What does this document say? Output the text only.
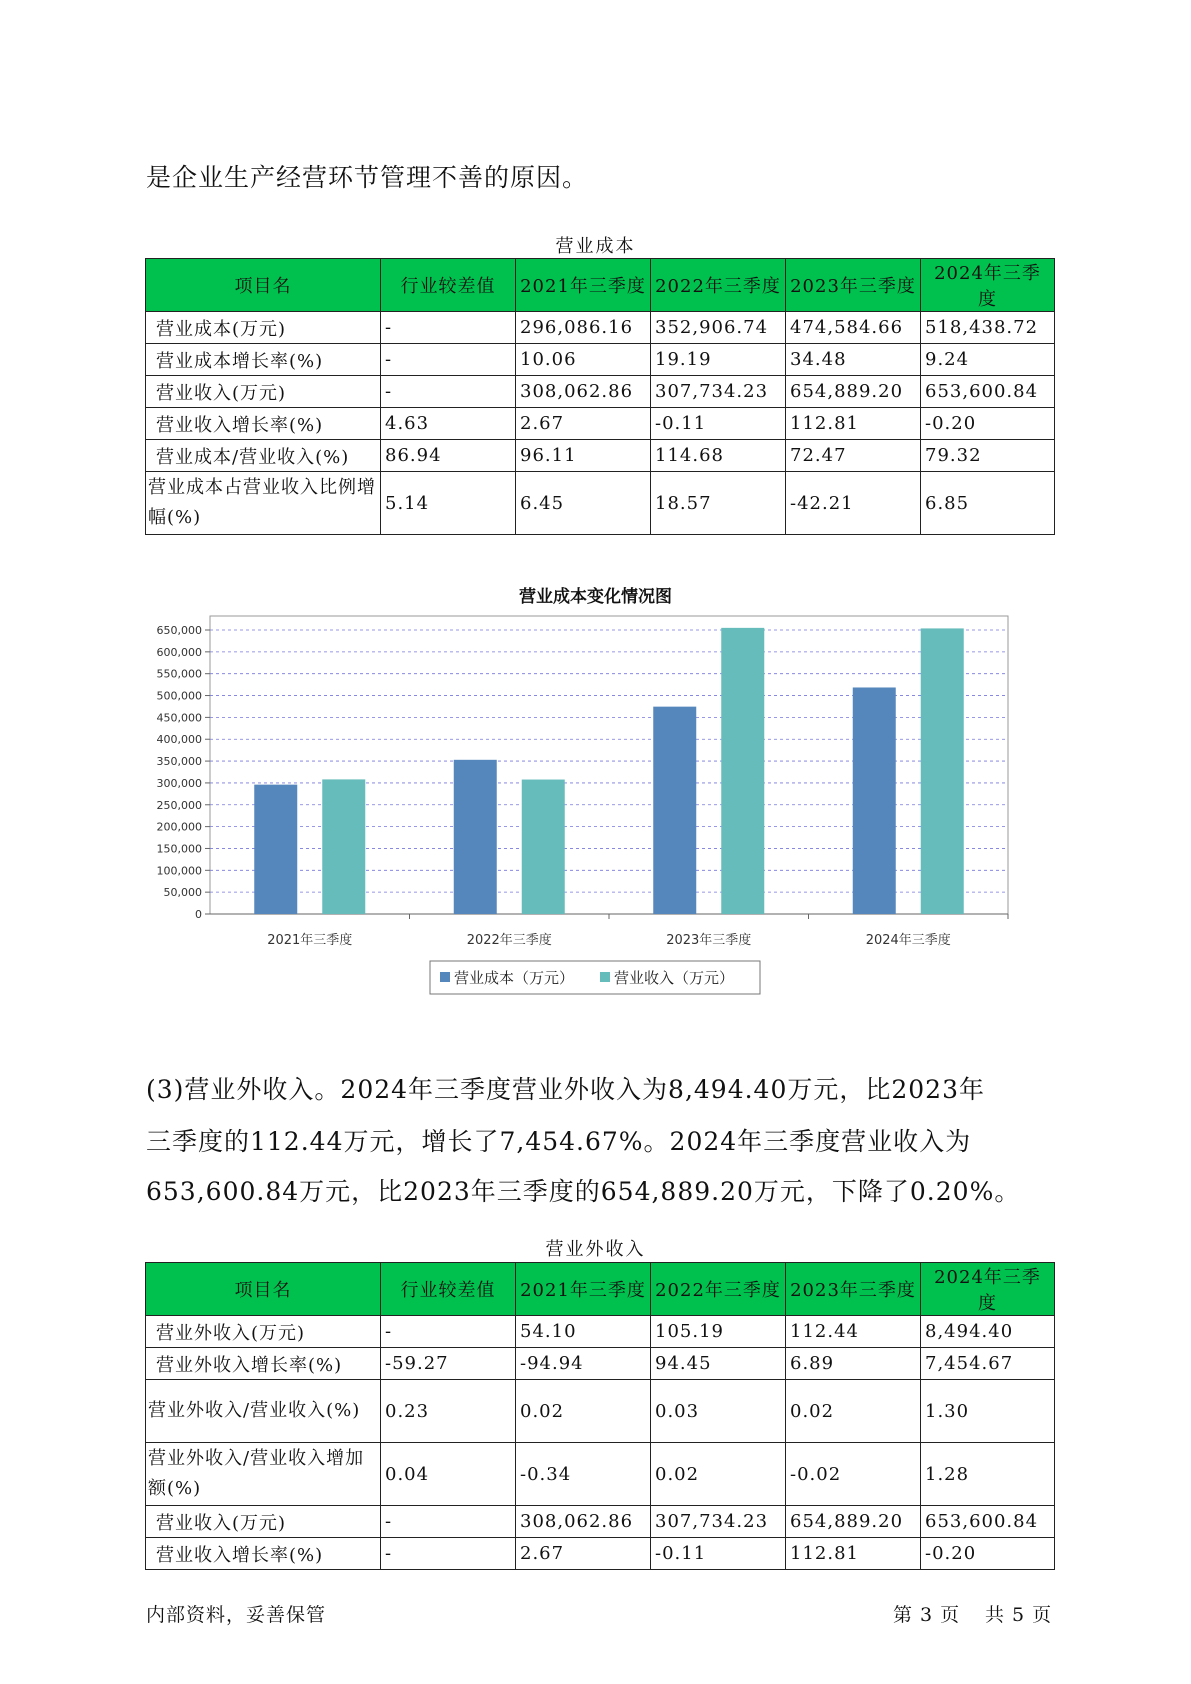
是企业生产经营环节管理不善的原因。
营业成本
项目名	行业较差值	2021年三季度	2022年三季度	2023年三季度	2024年三季度
营业成本(万元)	-	296,086.16	352,906.74	474,584.66	518,438.72
营业成本增长率(%)	-	10.06	19.19	34.48	9.24
营业收入(万元)	-	308,062.86	307,734.23	654,889.20	653,600.84
营业收入增长率(%)	4.63	2.67	-0.11	112.81	-0.20
营业成本/营业收入(%)	86.94	96.11	114.68	72.47	79.32
营业成本占营业收入比例增幅(%)	5.14	6.45	18.57	-42.21	6.85
营业成本变化情况图
0
50,000
100,000
150,000
200,000
250,000
300,000
350,000
400,000
450,000
500,000
550,000
600,000
650,000
2021年三季度	2022年三季度	2023年三季度	2024年三季度
营业成本（万元）	营业收入（万元）
(3)营业外收入。2024年三季度营业外收入为8,494.40万元，比2023年
三季度的112.44万元，增长了7,454.67%。2024年三季度营业收入为
653,600.84万元，比2023年三季度的654,889.20万元，下降了0.20%。
营业外收入
项目名	行业较差值	2021年三季度	2022年三季度	2023年三季度	2024年三季度
营业外收入(万元)	-	54.10	105.19	112.44	8,494.40
营业外收入增长率(%)	-59.27	-94.94	94.45	6.89	7,454.67
营业外收入/营业收入(%)	0.23	0.02	0.03	0.02	1.30
营业外收入/营业收入增加额(%)	0.04	-0.34	0.02	-0.02	1.28
营业收入(万元)	-	308,062.86	307,734.23	654,889.20	653,600.84
营业收入增长率(%)	-	2.67	-0.11	112.81	-0.20
内部资料，妥善保管	第 3 页 共 5 页
